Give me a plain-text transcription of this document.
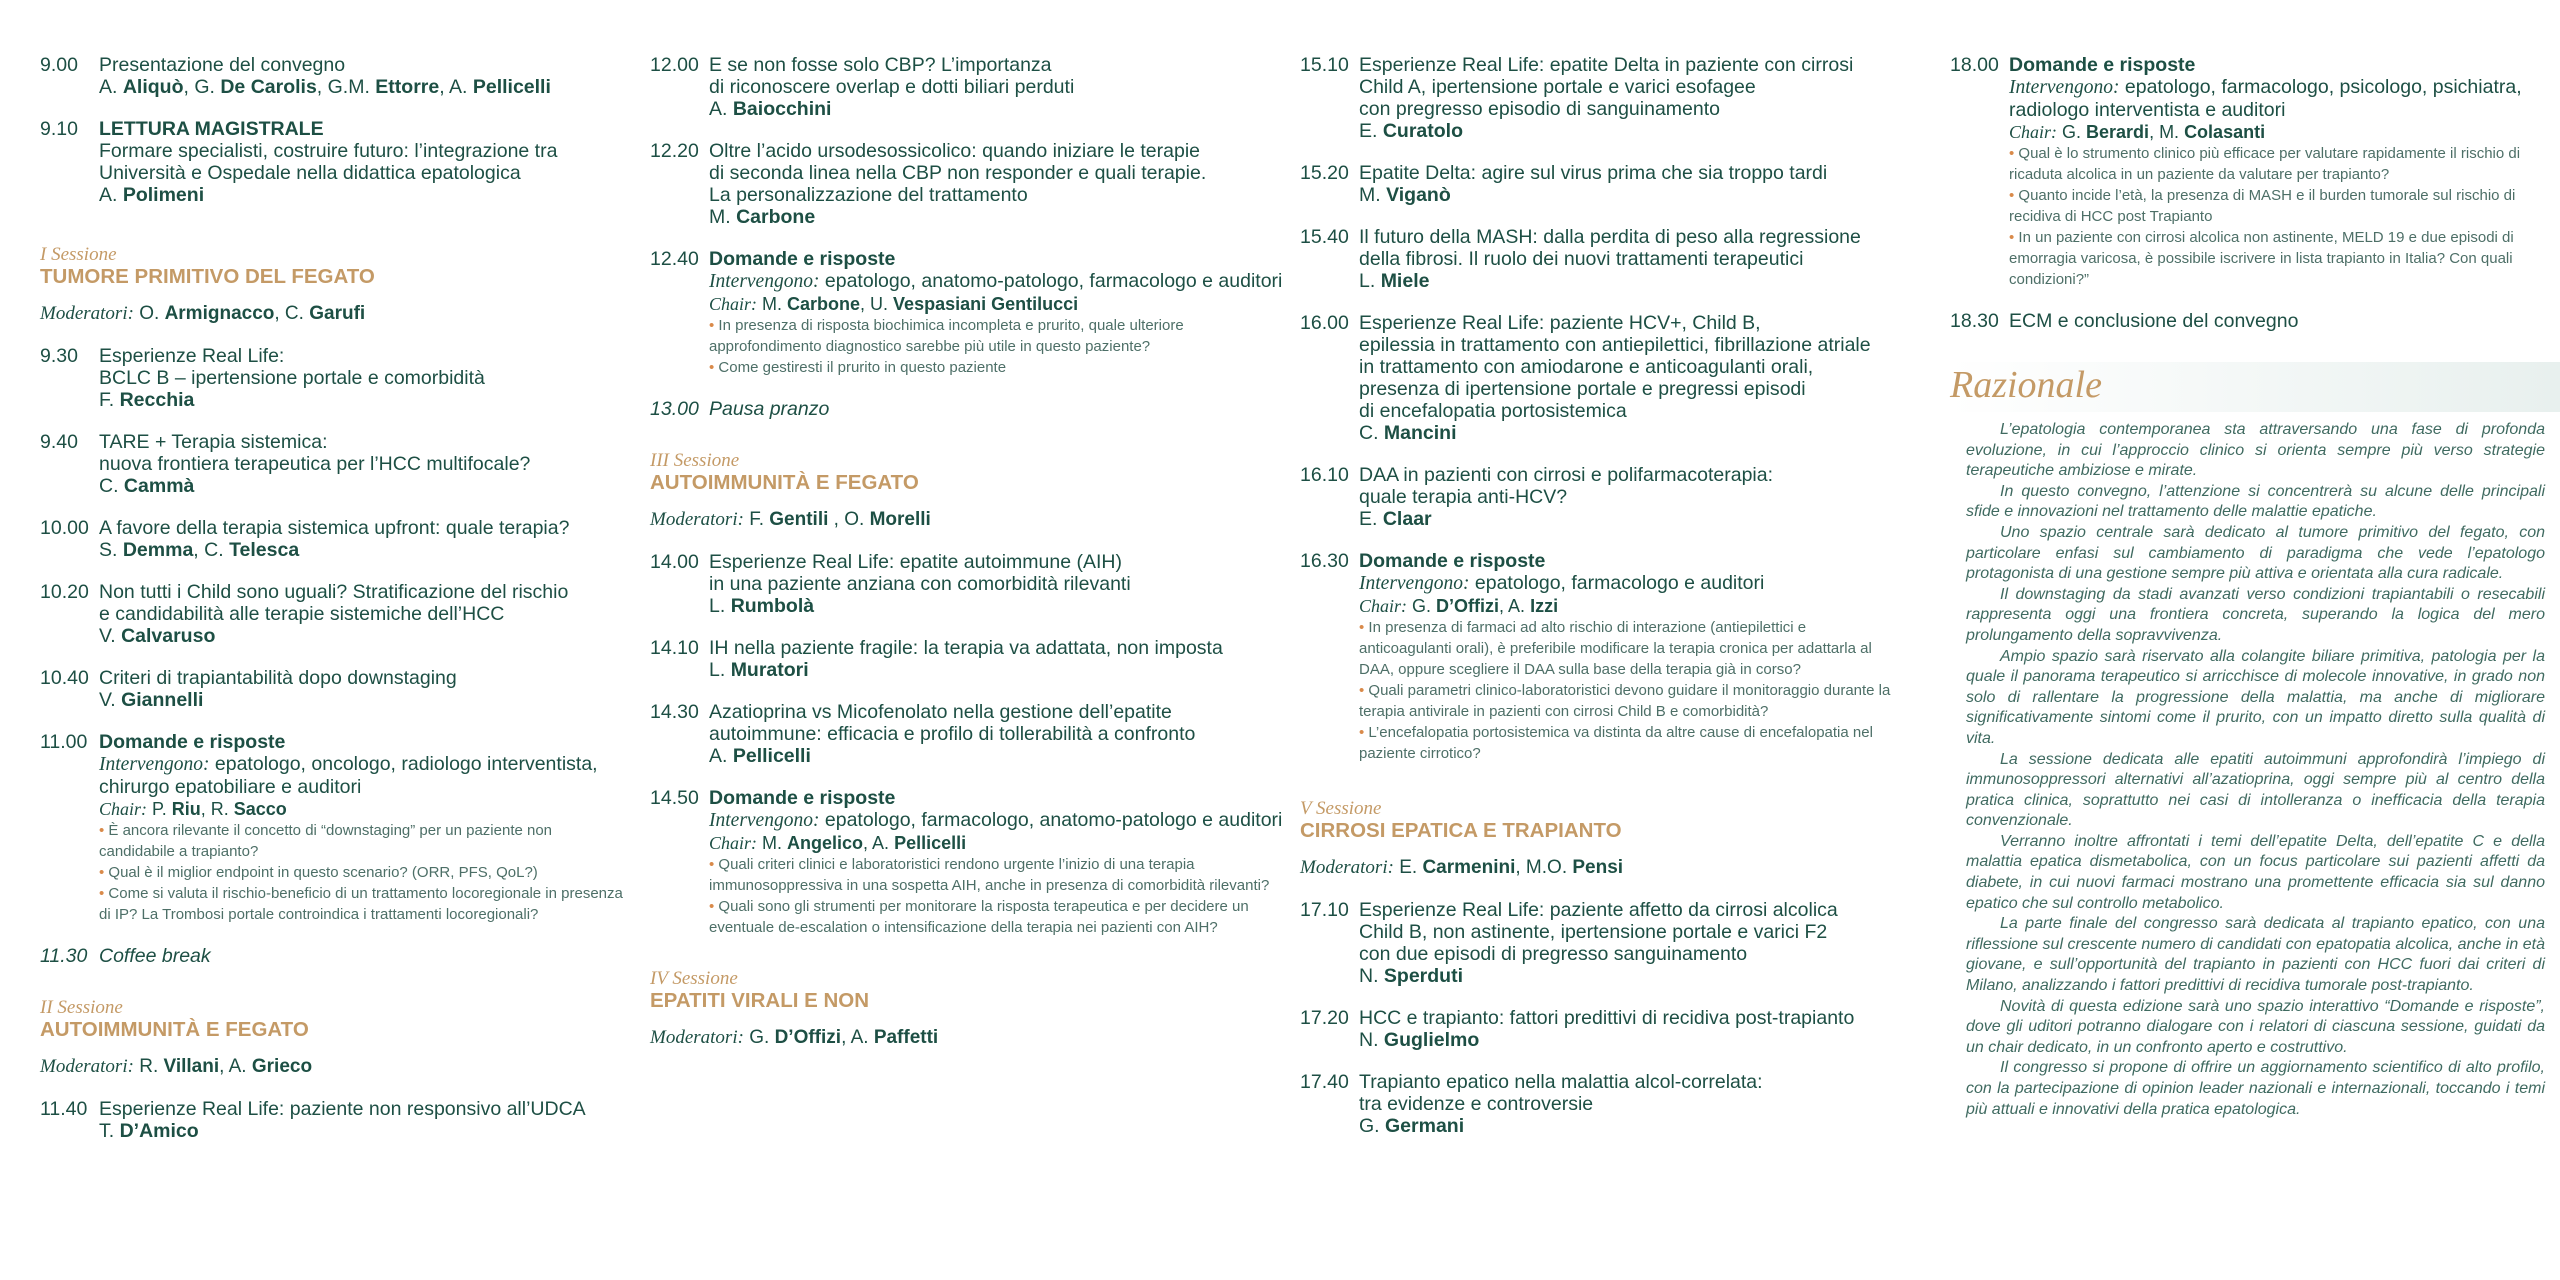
9.00	Presentazione del convegno
A. Aliquò, G. De Carolis, G.M. Ettorre, A. Pellicelli
9.10	LETTURA MAGISTRALE
Formare specialisti, costruire futuro: l’integrazione tra Università e Ospedale nella didattica epatologica
A. Polimeni
I Sessione
TUMORE PRIMITIVO DEL FEGATO
Moderatori: O. Armignacco, C. Garufi
9.30	Esperienze Real Life:
BCLC B – ipertensione portale e comorbidità
F. Recchia
9.40	TARE + Terapia sistemica:
nuova frontiera terapeutica per l’HCC multifocale?
C. Cammà
10.00 A favore della terapia sistemica upfront: quale terapia?
S. Demma, C. Telesca
10.20 Non tutti i Child sono uguali? Stratificazione del rischio
e candidabilità alle terapie sistemiche dell’HCC
V. Calvaruso
10.40 Criteri di trapiantabilità dopo downstaging
V. Giannelli
11.00 Domande e risposte
Intervengono: epatologo, oncologo, radiologo interventista, chirurgo epatobiliare e auditori
Chair: P. Riu, R. Sacco
• È ancora rilevante il concetto di “downstaging” per un paziente non candidabile a trapianto?
• Qual è il miglior endpoint in questo scenario? (ORR, PFS, QoL?)
• Come si valuta il rischio-beneficio di un trattamento locoregionale in presenza di IP? La Trombosi portale controindica i trattamenti locoregionali?
11.30 Coffee break
II Sessione
AUTOIMMUNITÀ E FEGATO
Moderatori: R. Villani, A. Grieco
11.40 Esperienze Real Life: paziente non responsivo all’UDCA
T. D’Amico
12.00 E se non fosse solo CBP? L’importanza
di riconoscere overlap e dotti biliari perduti
A. Baiocchini
12.20 Oltre l’acido ursodesossicolico: quando iniziare le terapie
di seconda linea nella CBP non responder e quali terapie.
La personalizzazione del trattamento
M. Carbone
12.40 Domande e risposte
Intervengono: epatologo, anatomo-patologo, farmacologo e auditori
Chair: M. Carbone, U. Vespasiani Gentilucci
• In presenza di risposta biochimica incompleta e prurito, quale ulteriore approfondimento diagnostico sarebbe più utile in questo paziente?
• Come gestiresti il prurito in questo paziente
13.00 Pausa pranzo
III Sessione
AUTOIMMUNITÀ E FEGATO
Moderatori: F. Gentili , O. Morelli
14.00 Esperienze Real Life: epatite autoimmune (AIH)
in una paziente anziana con comorbidità rilevanti
L. Rumbolà
14.10 IH nella paziente fragile: la terapia va adattata, non imposta
L. Muratori
14.30 Azatioprina vs Micofenolato nella gestione dell’epatite
autoimmune: efficacia e profilo di tollerabilità a confronto
A. Pellicelli
14.50 Domande e risposte
Intervengono: epatologo, farmacologo, anatomo-patologo e auditori
Chair: M. Angelico, A. Pellicelli
• Quali criteri clinici e laboratoristici rendono urgente l’inizio di una terapia immunosoppressiva in una sospetta AIH, anche in presenza di comorbidità rilevanti?
• Quali sono gli strumenti per monitorare la risposta terapeutica e per decidere un eventuale de-escalation o intensificazione della terapia nei pazienti con AIH?
IV Sessione
EPATITI VIRALI E NON
Moderatori: G. D’Offizi, A. Paffetti
15.10 Esperienze Real Life: epatite Delta in paziente con cirrosi
Child A, ipertensione portale e varici esofagee
con pregresso episodio di sanguinamento
E. Curatolo
15.20 Epatite Delta: agire sul virus prima che sia troppo tardi
M. Viganò
15.40 Il futuro della MASH: dalla perdita di peso alla regressione
della fibrosi. Il ruolo dei nuovi trattamenti terapeutici
L. Miele
16.00 Esperienze Real Life: paziente HCV+, Child B,
epilessia in trattamento con antiepilettici, fibrillazione atriale
in trattamento con amiodarone e anticoagulanti orali,
presenza di ipertensione portale e pregressi episodi
di encefalopatia portosistemica
C. Mancini
16.10 DAA in pazienti con cirrosi e polifarmacoterapia:
quale terapia anti-HCV?
E. Claar
16.30 Domande e risposte
Intervengono: epatologo, farmacologo e auditori
Chair: G. D’Offizi, A. Izzi
• In presenza di farmaci ad alto rischio di interazione (antiepilettici e anticoagulanti orali), è preferibile modificare la terapia cronica per adattarla al DAA, oppure scegliere il DAA sulla base della terapia già in corso?
• Quali parametri clinico-laboratoristici devono guidare il monitoraggio durante la terapia antivirale in pazienti con cirrosi Child B e comorbidità?
• L’encefalopatia portosistemica va distinta da altre cause di encefalopatia nel paziente cirrotico?
V Sessione
CIRROSI EPATICA E TRAPIANTO
Moderatori: E. Carmenini, M.O. Pensi
17.10 Esperienze Real Life: paziente affetto da cirrosi alcolica
Child B, non astinente, ipertensione portale e varici F2
con due episodi di pregresso sanguinamento
N. Sperduti
17.20 HCC e trapianto: fattori predittivi di recidiva post-trapianto
N. Guglielmo
17.40 Trapianto epatico nella malattia alcol-correlata:
tra evidenze e controversie
G. Germani
18.00 Domande e risposte
Intervengono: epatologo, farmacologo, psicologo, psichiatra, radiologo interventista e auditori
Chair: G. Berardi, M. Colasanti
• Qual è lo strumento clinico più efficace per valutare rapidamente il rischio di ricaduta alcolica in un paziente da valutare per trapianto?
• Quanto incide l’età, la presenza di MASH e il burden tumorale sul rischio di recidiva di HCC post Trapianto
• In un paziente con cirrosi alcolica non astinente, MELD 19 e due episodi di emorragia varicosa, è possibile iscrivere in lista trapianto in Italia? Con quali condizioni?”
18.30 ECM e conclusione del convegno
Razionale

L’epatologia contemporanea sta attraversando una fase di profonda evoluzione, in cui l’approccio clinico si orienta sempre più verso strategie terapeutiche ambiziose e mirate.

In questo convegno, l’attenzione si concentrerà su alcune delle principali sfide e innovazioni nel trattamento delle malattie epatiche.

Uno spazio centrale sarà dedicato al tumore primitivo del fegato, con particolare enfasi sul cambiamento di paradigma che vede l’epatologo protagonista di una gestione sempre più attiva e orientata alla cura radicale.

Il downstaging da stadi avanzati verso condizioni trapiantabili o resecabili rappresenta oggi una frontiera concreta, superando la logica del mero prolungamento della sopravvivenza.

Ampio spazio sarà riservato alla colangite biliare primitiva, patologia per la quale il panorama terapeutico si arricchisce di molecole innovative, in grado non solo di rallentare la progressione della malattia, ma anche di migliorare significativamente sintomi come il prurito, con un impatto diretto sulla qualità di vita.

La sessione dedicata alle epatiti autoimmuni approfondirà l’impiego di immunosoppressori alternativi all’azatioprina, oggi sempre più al centro della pratica clinica, soprattutto nei casi di intolleranza o inefficacia della terapia convenzionale.

Verranno inoltre affrontati i temi dell’epatite Delta, dell’epatite C e della malattia epatica dismetabolica, con un focus particolare sui pazienti affetti da diabete, in cui nuovi farmaci mostrano una promettente efficacia sia sul danno epatico che sul controllo metabolico.

La parte finale del congresso sarà dedicata al trapianto epatico, con una riflessione sul crescente numero di candidati con epatopatia alcolica, anche in età giovane, e sull’opportunità del trapianto in pazienti con HCC fuori dai criteri di Milano, analizzando i fattori predittivi di recidiva tumorale post-trapianto.

Novità di questa edizione sarà uno spazio interattivo “Domande e risposte”, dove gli uditori potranno dialogare con i relatori di ciascuna sessione, guidati da un chair dedicato, in un confronto aperto e costruttivo.

Il congresso si propone di offrire un aggiornamento scientifico di alto profilo, con la partecipazione di opinion leader nazionali e internazionali, toccando i temi più attuali e innovativi della pratica epatologica.
